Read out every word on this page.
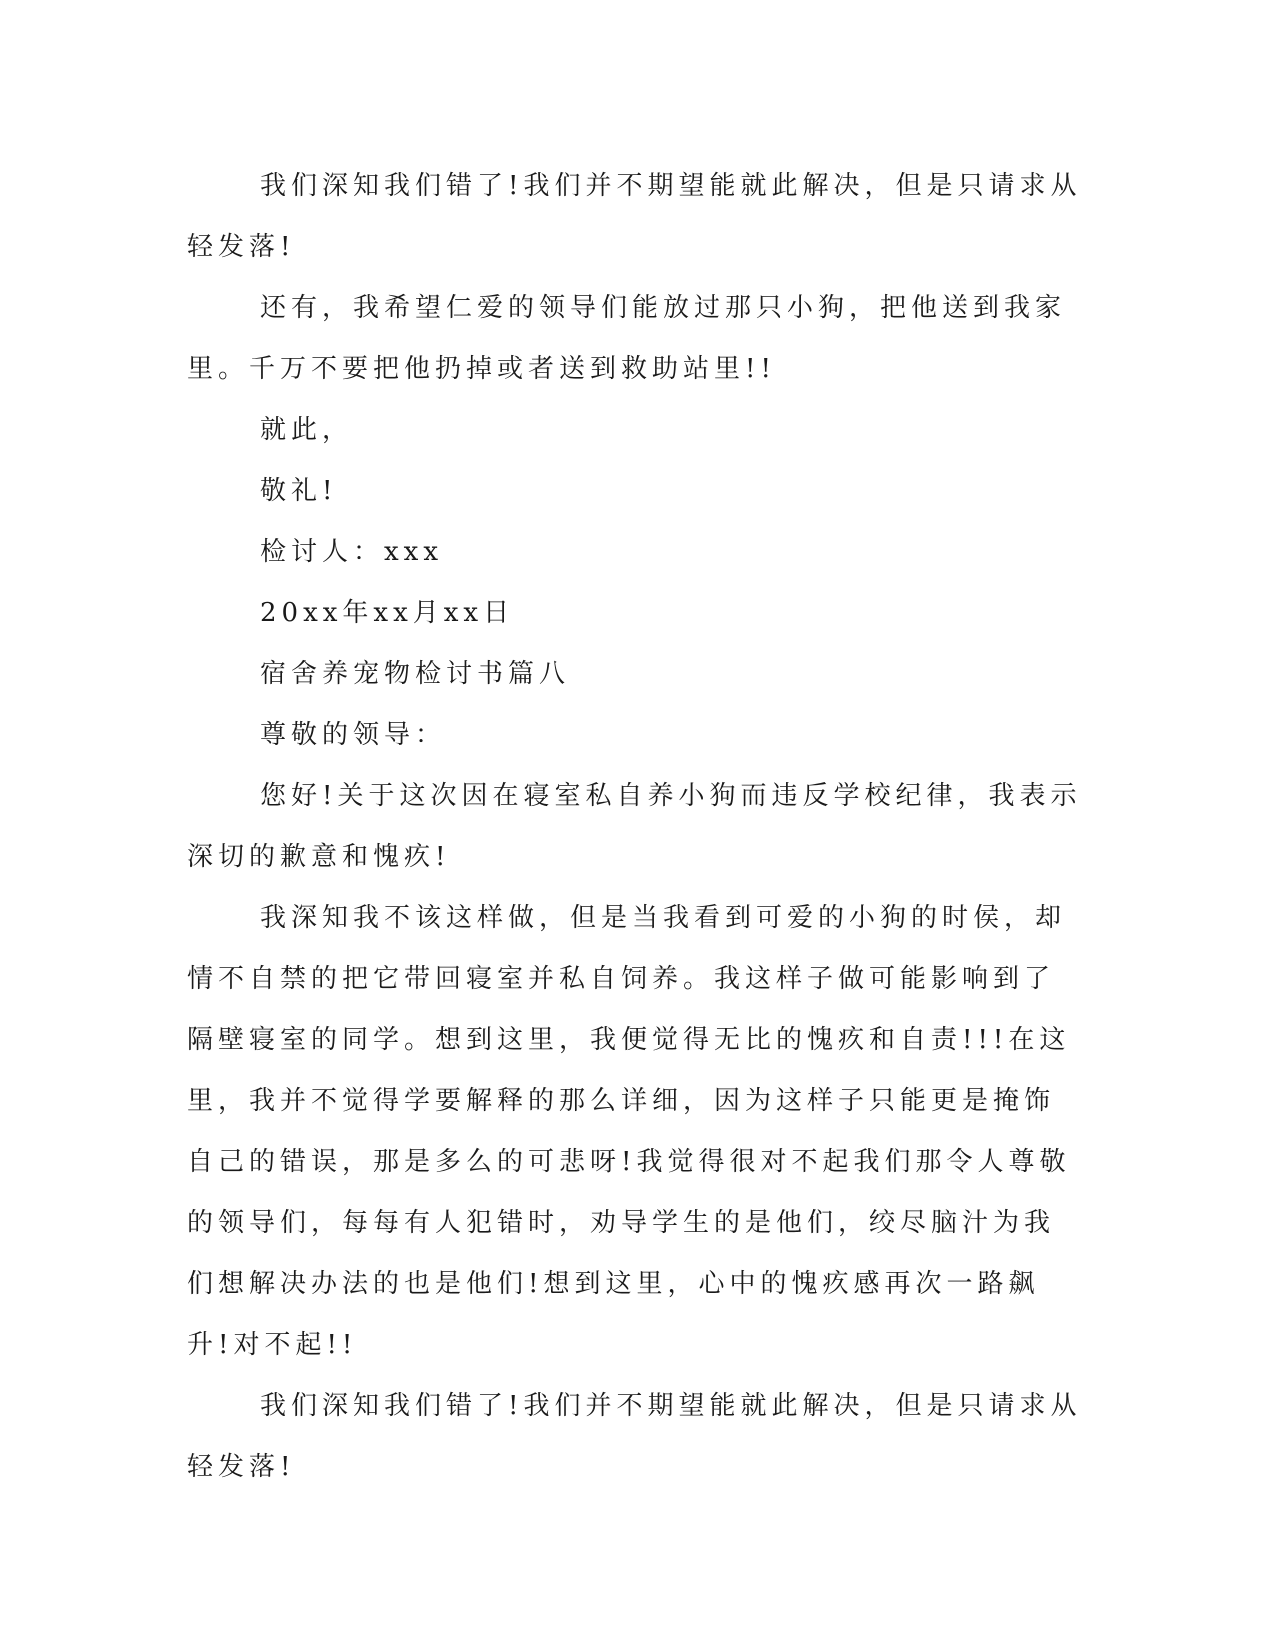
我们深知我们错了!我们并不期望能就此解决，但是只请求从轻发落!

还有，我希望仁爱的领导们能放过那只小狗，把他送到我家里。千万不要把他扔掉或者送到救助站里!!

就此，

敬礼!

检讨人：xxx

20xx年xx月xx日

宿舍养宠物检讨书篇八

尊敬的领导：

您好!关于这次因在寝室私自养小狗而违反学校纪律，我表示深切的歉意和愧疚!

我深知我不该这样做，但是当我看到可爱的小狗的时侯，却情不自禁的把它带回寝室并私自饲养。我这样子做可能影响到了隔壁寝室的同学。想到这里，我便觉得无比的愧疚和自责!!!在这里，我并不觉得学要解释的那么详细，因为这样子只能更是掩饰自己的错误，那是多么的可悲呀!我觉得很对不起我们那令人尊敬的领导们，每每有人犯错时，劝导学生的是他们，绞尽脑汁为我们想解决办法的也是他们!想到这里，心中的愧疚感再次一路飙升!对不起!!

我们深知我们错了!我们并不期望能就此解决，但是只请求从轻发落!
